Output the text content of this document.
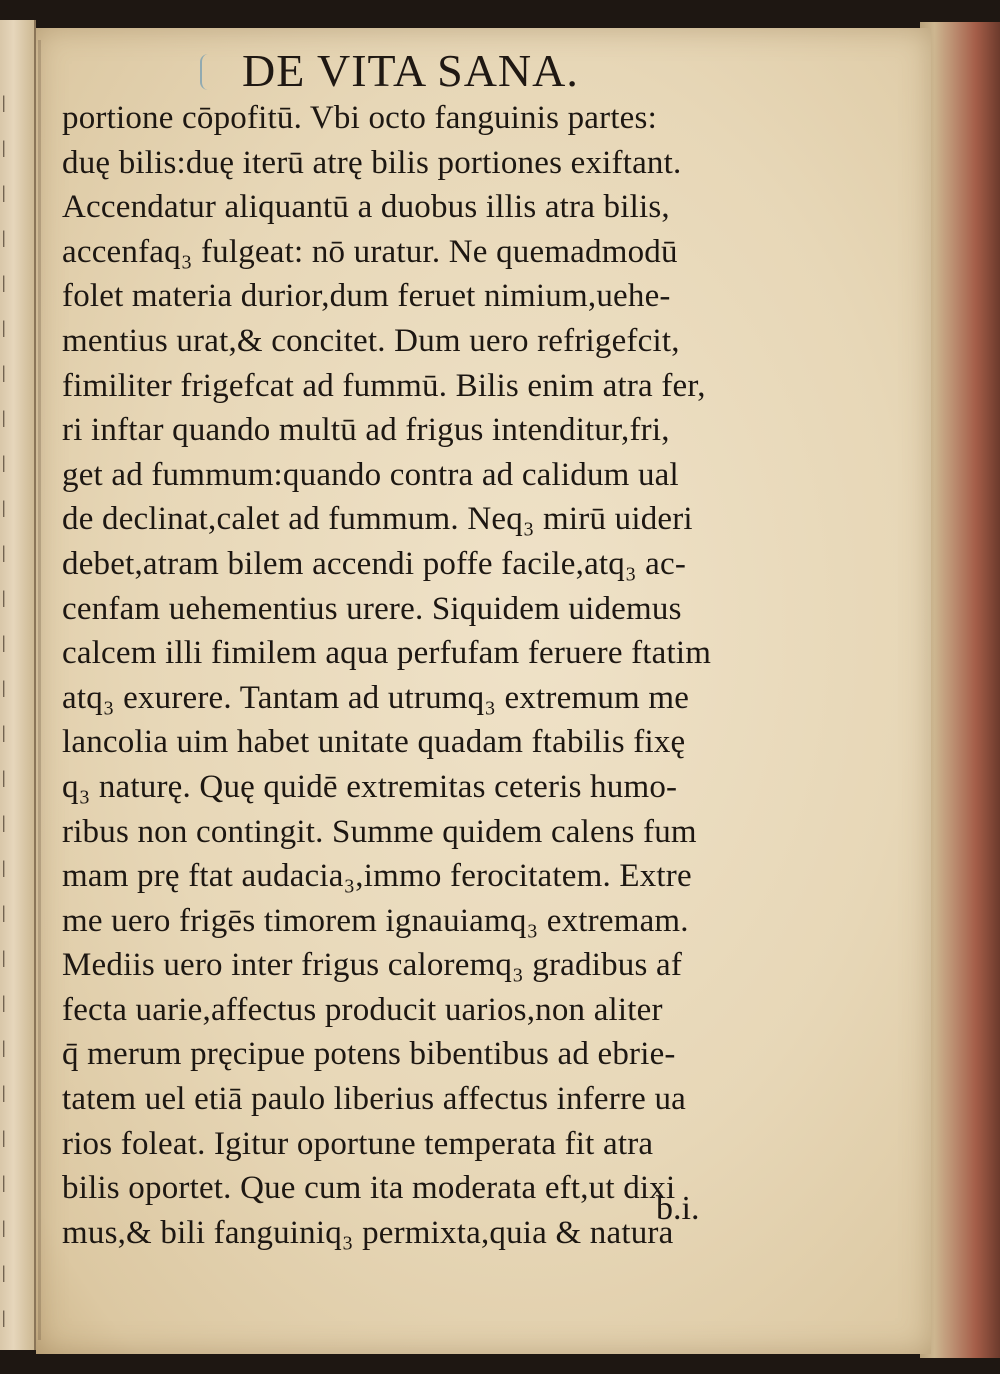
|
|
|
|
|
|
|
|
|
|
|
|
|
|
|
|
|
|
|
|
|
|
|
|
|
|
|
|
DE VITA SANA.
portione cōpofitū. Vbi octo fanguinis partes:
duę bilis:duę iterū atrę bilis portiones exiftant.
Accendatur aliquantū a duobus illis atra bilis,
accenfaq₃ fulgeat: nō uratur. Ne quemadmodū
folet materia durior,dum feruet nimium,uehe-
mentius urat,& concitet. Dum uero refrigefcit,
fimiliter frigefcat ad fummū. Bilis enim atra fer,
ri inftar quando multū ad frigus intenditur,fri,
get ad fummum:quando contra ad calidum ual
de declinat,calet ad fummum. Neq₃ mirū uideri
debet,atram bilem accendi poffe facile,atq₃ ac-
cenfam uehementius urere. Siquidem uidemus
calcem illi fimilem aqua perfufam feruere ftatim
atq₃ exurere. Tantam ad utrumq₃ extremum me
lancolia uim habet unitate quadam ftabilis fixę
q₃ naturę. Quę quidē extremitas ceteris humo-
ribus non contingit. Summe quidem calens fum
mam prę ftat audacia₃,immo ferocitatem. Extre
me uero frigēs timorem ignauiamq₃ extremam.
Mediis uero inter frigus caloremq₃ gradibus af
fecta uarie,affectus producit uarios,non aliter
q̄ merum pręcipue potens bibentibus ad ebrie-
tatem uel etiā paulo liberius affectus inferre ua
rios foleat. Igitur oportune temperata fit atra
bilis oportet. Que cum ita moderata eft,ut dixi
mus,& bili fanguiniq₃ permixta,quia & natura
b.i.
